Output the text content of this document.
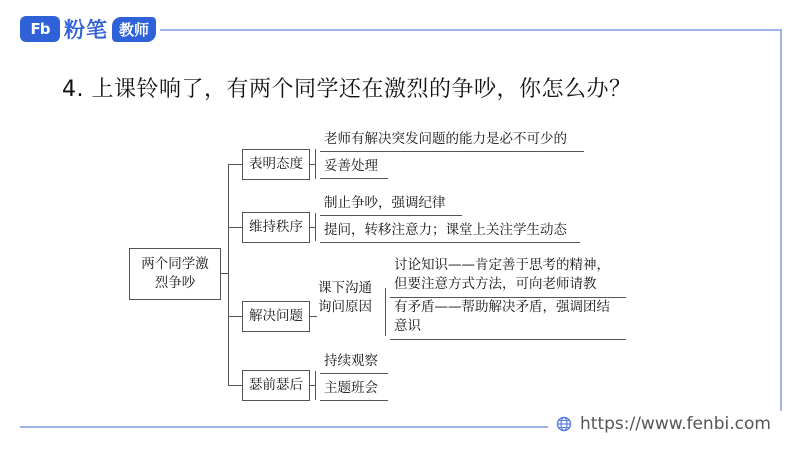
Fb 粉笔 教师
4. 上课铃响了，有两个同学还在激烈的争吵，你怎么办？
两个同学激烈争吵
表明态度
老师有解决突发问题的能力是必不可少的
妥善处理
维持秩序
制止争吵，强调纪律
提问，转移注意力；课堂上关注学生动态
解决问题
课下沟通询问原因
讨论知识——肯定善于思考的精神，但要注意方式方法，可向老师请教
有矛盾——帮助解决矛盾，强调团结意识
瑟前瑟后
持续观察
主题班会
https://www.fenbi.com
